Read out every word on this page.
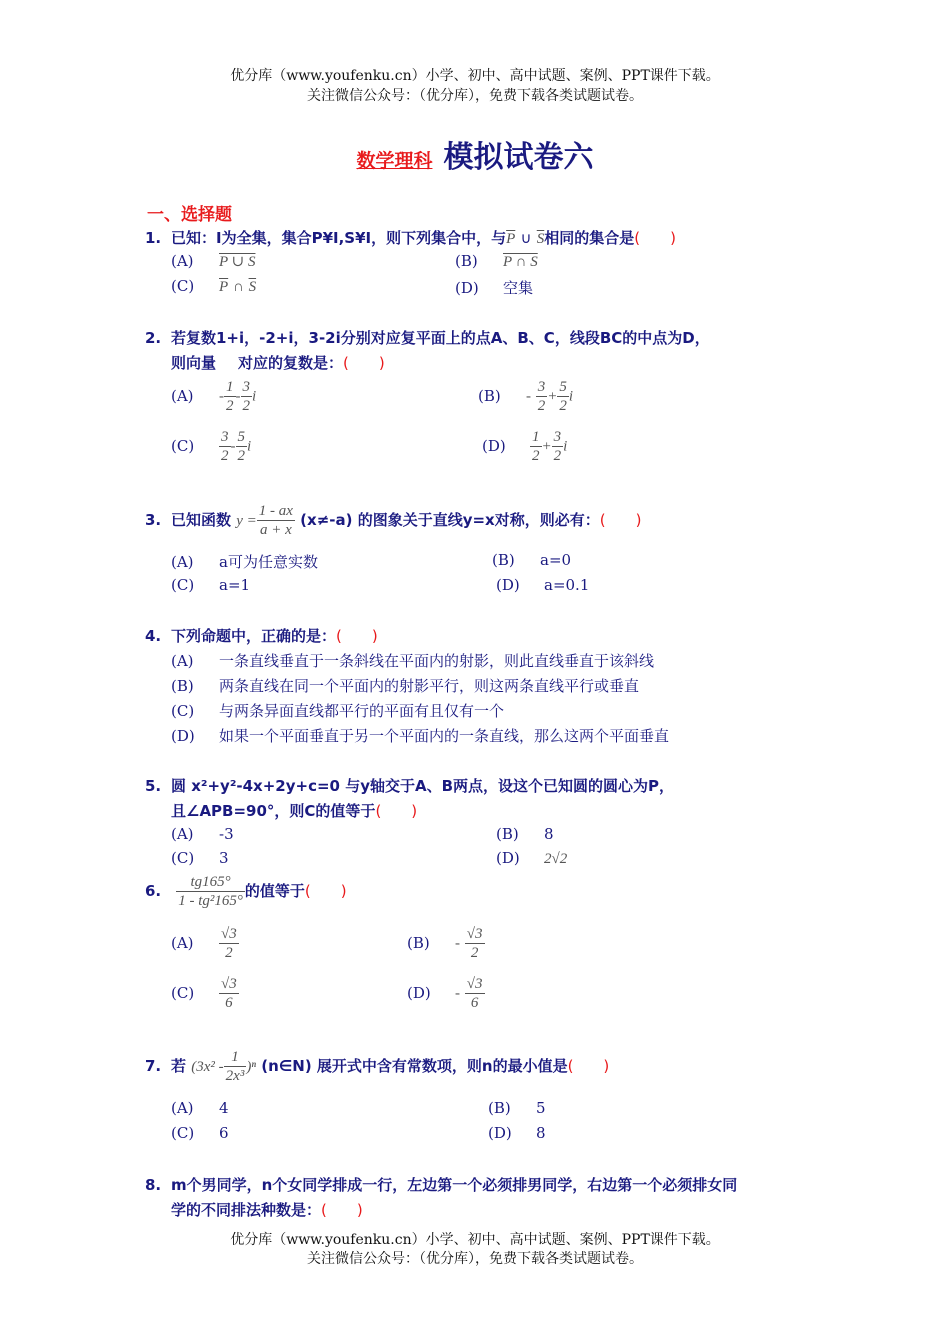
优分库（www.youfenku.cn）小学、初中、高中试题、案例、PPT课件下载。
关注微信公众号：（优分库），免费下载各类试题试卷。
数学理科 模拟试卷六
一、选择题
1. 已知：I为全集，集合P¥I,S¥I，则下列集合中，与$\overline{P}$ ∪ $\overline{S}$相同的集合是(　　)
(A) P ∪ S	(B) P ∩ S
(C) $\overline{P}$ ∩ $\overline{S}$	(D) 空集
2. 若复数1+i，-2+i，3-2i分别对应复平面上的点A、B、C，线段BC的中点为D，
则向量 对应的复数是：(　　)
$(A) - \frac{1}{2} - \frac{3}{2}$ i	$(B) - \frac{3}{2} + \frac{5}{2}$ i
$(C) \frac{3}{2} - \frac{5}{2}$ i	$(D) \frac{1}{2} + \frac{3}{2}$ i
3. 已知函数 $y = \frac{1 - ax}{a + x} (x\ne-a)$ 的图象关于直线y=x对称，则必有：(　　)
(A) a可为任意实数	(B) a=0
(C) a=1	(D) a=0.1
4. 下列命题中，正确的是：(　　)
(A) 一条直线垂直于一条斜线在平面内的射影，则此直线垂直于该斜线
(B) 两条直线在同一个平面内的射影平行，则这两条直线平行或垂直
(C) 与两条异面直线都平行的平面有且仅有一个
(D) 如果一个平面垂直于另一个平面内的一条直线，那么这两个平面垂直
5. 圆 x²+y²-4x+2y+c=0 与y轴交于A、B两点，设这个已知圆的圆心为P，
且∠APB=90°，则C的值等于(　　)
(A) -3	(B) 8
(C) 3	(D) 2√2
6. $\frac{tg165^\circ}{\text{1 - tg²165°}}$ 的值等于(　　)
$(A) \frac{√3}{2}$	$(B) - \frac{√3}{2}$
$(C) \frac{√3}{6}$	$(D) - \frac{√3}{6}$
7. 若 $(3x^2 - \frac{1}{\text{2x³}} )^n$ (n∈N) 展开式中含有常数项，则n的最小值是(　　)
(A) 4	(B) 5
(C) 6	(D) 8
8. m个男同学，n个女同学排成一行，左边第一个必须排男同学，右边第一个必须排女同
学的不同排法种数是：(　　)
优分库（www.youfenku.cn）小学、初中、高中试题、案例、PPT课件下载。
关注微信公众号：（优分库），免费下载各类试题试卷。
